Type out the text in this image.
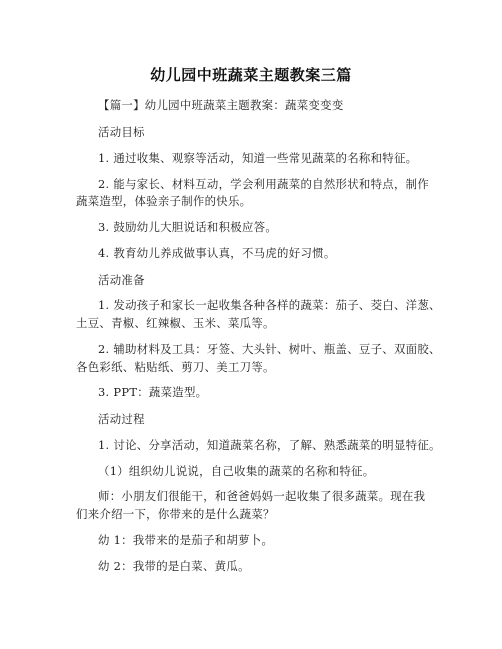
幼儿园中班蔬菜主题教案三篇
【篇一】幼儿园中班蔬菜主题教案：蔬菜变变变
活动目标
1. 通过收集、观察等活动，知道一些常见蔬菜的名称和特征。
2. 能与家长、材料互动，学会利用蔬菜的自然形状和特点，制作
蔬菜造型，体验亲子制作的快乐。
3. 鼓励幼儿大胆说话和积极应答。
4. 教育幼儿养成做事认真，不马虎的好习惯。
活动准备
1. 发动孩子和家长一起收集各种各样的蔬菜：茄子、茭白、洋葱、
土豆、青椒、红辣椒、玉米、菜瓜等。
2. 辅助材料及工具：牙签、大头针、树叶、瓶盖、豆子、双面胶、
各色彩纸、粘贴纸、剪刀、美工刀等。
3. PPT：蔬菜造型。
活动过程
1. 讨论、分享活动，知道蔬菜名称，了解、熟悉蔬菜的明显特征。
（1）组织幼儿说说，自己收集的蔬菜的名称和特征。
师：小朋友们很能干，和爸爸妈妈一起收集了很多蔬菜。现在我
们来介绍一下，你带来的是什么蔬菜？
幼 1：我带来的是茄子和胡萝卜。
幼 2：我带的是白菜、黄瓜。
